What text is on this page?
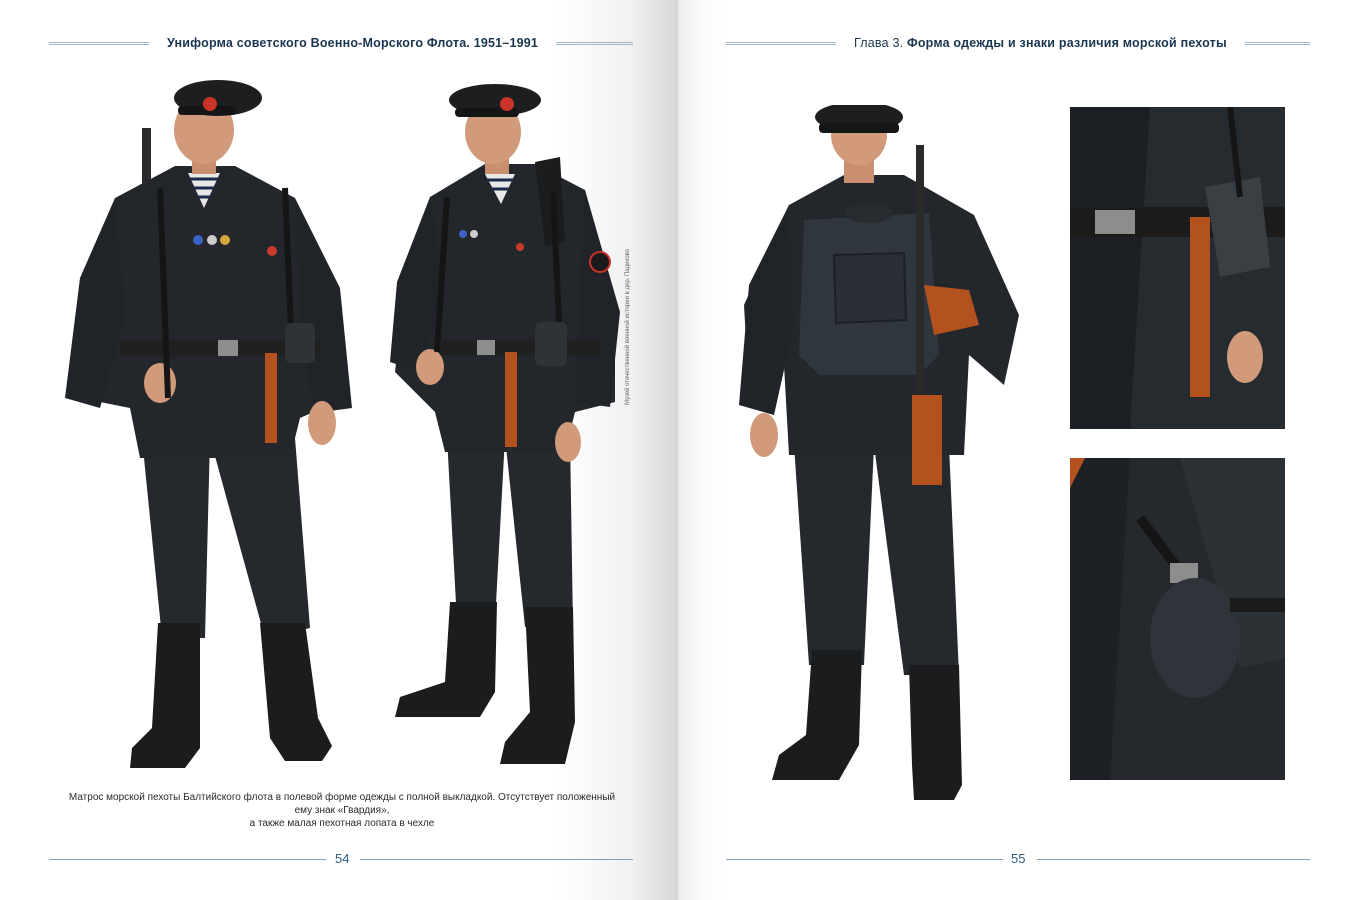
Униформа советского Военно-Морского Флота. 1951–1991
Музей отечественной военной истории в дер. Падиково
Матрос морской пехоты Балтийского флота в полевой форме одежды с полной выкладкой. Отсутствует положенный ему знак «Гвардия»,
а также малая пехотная лопата в чехле
54
Глава 3. Форма одежды и знаки различия морской пехоты
55
